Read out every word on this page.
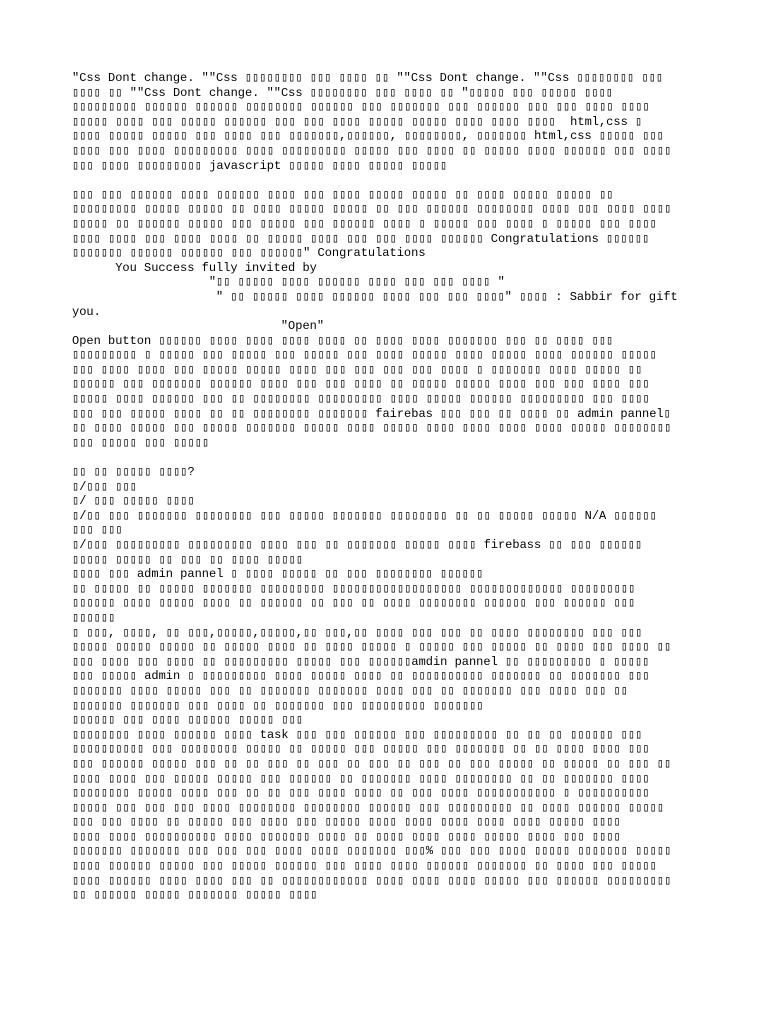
"Css Dont change. ""Css ▯▯▯▯▯▯▯▯ ▯▯▯ ▯▯▯▯ ▯▯ ""Css Dont change. ""Css ▯▯▯▯▯▯▯▯ ▯▯▯
▯▯▯▯ ▯▯ ""Css Dont change. ""Css ▯▯▯▯▯▯▯▯ ▯▯▯ ▯▯▯▯ ▯▯ "▯▯▯▯▯ ▯▯▯ ▯▯▯▯▯ ▯▯▯▯
▯▯▯▯▯▯▯▯▯ ▯▯▯▯▯▯ ▯▯▯▯▯▯ ▯▯▯▯▯▯▯▯ ▯▯▯▯▯▯ ▯▯▯ ▯▯▯▯▯▯▯ ▯▯▯ ▯▯▯▯▯▯ ▯▯▯ ▯▯▯ ▯▯▯▯ ▯▯▯▯
▯▯▯▯▯ ▯▯▯▯ ▯▯▯ ▯▯▯▯▯ ▯▯▯▯▯▯ ▯▯▯ ▯▯▯ ▯▯▯▯ ▯▯▯▯▯ ▯▯▯▯▯ ▯▯▯▯ ▯▯▯▯ ▯▯▯▯  html,css ▯
▯▯▯▯ ▯▯▯▯▯ ▯▯▯▯▯ ▯▯▯ ▯▯▯▯ ▯▯▯ ▯▯▯▯▯▯▯,▯▯▯▯▯▯, ▯▯▯▯▯▯▯▯, ▯▯▯▯▯▯▯ html,css ▯▯▯▯▯ ▯▯▯
▯▯▯▯ ▯▯▯ ▯▯▯▯ ▯▯▯▯▯▯▯▯▯ ▯▯▯▯ ▯▯▯▯▯▯▯▯▯ ▯▯▯▯▯ ▯▯▯ ▯▯▯▯ ▯▯ ▯▯▯▯▯ ▯▯▯▯ ▯▯▯▯▯▯ ▯▯▯ ▯▯▯▯
▯▯▯ ▯▯▯▯ ▯▯▯▯▯▯▯▯▯ javascript ▯▯▯▯▯ ▯▯▯▯ ▯▯▯▯▯ ▯▯▯▯▯

▯▯▯ ▯▯▯ ▯▯▯▯▯▯ ▯▯▯▯ ▯▯▯▯▯▯ ▯▯▯▯ ▯▯▯ ▯▯▯▯ ▯▯▯▯▯ ▯▯▯▯▯ ▯▯ ▯▯▯▯ ▯▯▯▯▯ ▯▯▯▯▯ ▯▯
▯▯▯▯▯▯▯▯▯ ▯▯▯▯▯ ▯▯▯▯▯ ▯▯ ▯▯▯▯ ▯▯▯▯▯ ▯▯▯▯▯ ▯▯ ▯▯▯ ▯▯▯▯▯▯ ▯▯▯▯▯▯▯▯ ▯▯▯▯ ▯▯▯ ▯▯▯▯ ▯▯▯▯
▯▯▯▯▯ ▯▯ ▯▯▯▯▯▯ ▯▯▯▯▯ ▯▯▯ ▯▯▯▯▯ ▯▯▯ ▯▯▯▯▯▯ ▯▯▯▯ ▯ ▯▯▯▯▯ ▯▯▯ ▯▯▯▯ ▯ ▯▯▯▯▯ ▯▯▯ ▯▯▯▯
▯▯▯▯ ▯▯▯▯ ▯▯▯ ▯▯▯▯ ▯▯▯▯ ▯▯ ▯▯▯▯▯ ▯▯▯▯ ▯▯▯ ▯▯▯ ▯▯▯▯ ▯▯▯▯▯▯ Congratulations ▯▯▯▯▯▯
▯▯▯▯▯▯▯ ▯▯▯▯▯▯ ▯▯▯▯▯▯ ▯▯▯ ▯▯▯▯▯▯" Congratulations
You Success fully invited by
"▯▯ ▯▯▯▯▯ ▯▯▯▯ ▯▯▯▯▯▯ ▯▯▯▯ ▯▯▯ ▯▯▯ ▯▯▯▯ "
" ▯▯ ▯▯▯▯▯ ▯▯▯▯ ▯▯▯▯▯▯ ▯▯▯▯ ▯▯▯ ▯▯▯ ▯▯▯▯" ▯▯▯▯ : Sabbir for gift
you.
"Open"
Open button ▯▯▯▯▯▯ ▯▯▯▯ ▯▯▯▯ ▯▯▯▯ ▯▯▯▯ ▯▯ ▯▯▯▯ ▯▯▯▯ ▯▯▯▯▯▯▯ ▯▯▯ ▯▯ ▯▯▯▯ ▯▯▯
▯▯▯▯▯▯▯▯▯ ▯ ▯▯▯▯▯ ▯▯▯ ▯▯▯▯▯ ▯▯▯ ▯▯▯▯▯ ▯▯▯ ▯▯▯▯ ▯▯▯▯▯ ▯▯▯▯ ▯▯▯▯▯ ▯▯▯▯ ▯▯▯▯▯▯ ▯▯▯▯▯
▯▯▯ ▯▯▯▯ ▯▯▯▯ ▯▯▯ ▯▯▯▯▯ ▯▯▯▯▯ ▯▯▯▯ ▯▯▯ ▯▯▯ ▯▯▯ ▯▯▯ ▯▯▯▯ ▯ ▯▯▯▯▯▯▯ ▯▯▯▯ ▯▯▯▯▯ ▯▯
▯▯▯▯▯▯ ▯▯▯ ▯▯▯▯▯▯▯ ▯▯▯▯▯▯ ▯▯▯▯ ▯▯▯ ▯▯▯ ▯▯▯▯ ▯▯ ▯▯▯▯▯ ▯▯▯▯▯ ▯▯▯▯ ▯▯▯ ▯▯▯ ▯▯▯▯ ▯▯▯
▯▯▯▯▯ ▯▯▯▯ ▯▯▯▯▯▯ ▯▯▯ ▯▯ ▯▯▯▯▯▯▯▯ ▯▯▯▯▯▯▯▯▯ ▯▯▯▯ ▯▯▯▯▯ ▯▯▯▯▯▯ ▯▯▯▯▯▯▯▯▯ ▯▯▯ ▯▯▯▯
▯▯▯ ▯▯▯ ▯▯▯▯▯ ▯▯▯▯ ▯▯ ▯▯ ▯▯▯▯▯▯▯▯ ▯▯▯▯▯▯▯ fairebas ▯▯▯ ▯▯▯ ▯▯ ▯▯▯▯ ▯▯ admin pannel▯
▯▯ ▯▯▯▯ ▯▯▯▯▯ ▯▯▯ ▯▯▯▯▯ ▯▯▯▯▯▯▯ ▯▯▯▯▯ ▯▯▯▯ ▯▯▯▯▯ ▯▯▯▯ ▯▯▯▯ ▯▯▯▯ ▯▯▯▯ ▯▯▯▯▯ ▯▯▯▯▯▯▯▯
▯▯▯ ▯▯▯▯▯ ▯▯▯ ▯▯▯▯▯

▯▯ ▯▯ ▯▯▯▯▯ ▯▯▯▯?
▯/▯▯▯ ▯▯▯
▯/ ▯▯▯ ▯▯▯▯▯ ▯▯▯▯
▯/▯▯ ▯▯▯ ▯▯▯▯▯▯▯ ▯▯▯▯▯▯▯▯ ▯▯▯ ▯▯▯▯▯ ▯▯▯▯▯▯▯ ▯▯▯▯▯▯▯▯ ▯▯ ▯▯ ▯▯▯▯▯ ▯▯▯▯▯ N/A ▯▯▯▯▯▯
▯▯▯ ▯▯▯
▯/▯▯▯ ▯▯▯▯▯▯▯▯▯ ▯▯▯▯▯▯▯▯▯ ▯▯▯▯ ▯▯▯ ▯▯ ▯▯▯▯▯▯▯ ▯▯▯▯▯ ▯▯▯▯ firebass ▯▯ ▯▯▯ ▯▯▯▯▯▯
▯▯▯▯▯ ▯▯▯▯▯ ▯▯ ▯▯▯ ▯▯ ▯▯▯▯ ▯▯▯▯▯
▯▯▯▯ ▯▯▯ admin pannel ▯ ▯▯▯▯ ▯▯▯▯▯ ▯▯ ▯▯▯ ▯▯▯▯▯▯▯▯ ▯▯▯▯▯▯
▯▯ ▯▯▯▯▯ ▯▯ ▯▯▯▯▯ ▯▯▯▯▯▯▯ ▯▯▯▯▯▯▯▯▯ ▯▯▯▯▯▯▯▯▯▯▯▯▯▯▯▯▯▯ ▯▯▯▯▯▯▯▯▯▯▯▯▯ ▯▯▯▯▯▯▯▯▯
▯▯▯▯▯▯ ▯▯▯▯ ▯▯▯▯▯ ▯▯▯▯ ▯▯ ▯▯▯▯▯▯ ▯▯ ▯▯▯ ▯▯ ▯▯▯▯ ▯▯▯▯▯▯▯▯ ▯▯▯▯▯▯ ▯▯▯ ▯▯▯▯▯▯ ▯▯▯
▯▯▯▯▯▯
▯ ▯▯▯, ▯▯▯▯, ▯▯ ▯▯▯,▯▯▯▯▯,▯▯▯▯▯,▯▯ ▯▯▯,▯▯ ▯▯▯▯ ▯▯▯ ▯▯▯ ▯▯ ▯▯▯▯ ▯▯▯▯▯▯▯▯ ▯▯▯ ▯▯▯
▯▯▯▯▯ ▯▯▯▯▯ ▯▯▯▯▯ ▯▯ ▯▯▯▯▯ ▯▯▯▯ ▯▯ ▯▯▯▯ ▯▯▯▯▯ ▯ ▯▯▯▯▯ ▯▯▯ ▯▯▯▯▯ ▯▯ ▯▯▯▯ ▯▯▯ ▯▯▯▯ ▯▯
▯▯▯ ▯▯▯▯ ▯▯▯ ▯▯▯▯ ▯▯ ▯▯▯▯▯▯▯▯▯ ▯▯▯▯▯ ▯▯▯ ▯▯▯▯▯▯amdin pannel ▯▯ ▯▯▯▯▯▯▯▯▯ ▯ ▯▯▯▯▯
▯▯▯ ▯▯▯▯▯ admin ▯ ▯▯▯▯▯▯▯▯▯ ▯▯▯▯ ▯▯▯▯▯ ▯▯▯▯ ▯▯ ▯▯▯▯▯▯▯▯▯▯ ▯▯▯▯▯▯▯ ▯▯ ▯▯▯▯▯▯▯ ▯▯▯
▯▯▯▯▯▯▯ ▯▯▯▯ ▯▯▯▯▯ ▯▯▯ ▯▯ ▯▯▯▯▯▯▯ ▯▯▯▯▯▯▯ ▯▯▯▯ ▯▯▯ ▯▯ ▯▯▯▯▯▯▯ ▯▯▯ ▯▯▯▯ ▯▯▯ ▯▯
▯▯▯▯▯▯▯ ▯▯▯▯▯▯▯ ▯▯▯ ▯▯▯▯ ▯▯ ▯▯▯▯▯▯▯ ▯▯▯ ▯▯▯▯▯▯▯▯▯ ▯▯▯▯▯▯▯
▯▯▯▯▯▯ ▯▯▯ ▯▯▯▯ ▯▯▯▯▯▯ ▯▯▯▯▯ ▯▯▯
▯▯▯▯▯▯▯▯ ▯▯▯▯ ▯▯▯▯▯▯ ▯▯▯▯ task ▯▯▯ ▯▯▯ ▯▯▯▯▯▯ ▯▯▯ ▯▯▯▯▯▯▯▯▯ ▯▯ ▯▯ ▯▯ ▯▯▯▯▯▯ ▯▯▯
▯▯▯▯▯▯▯▯▯▯ ▯▯▯ ▯▯▯▯▯▯▯▯ ▯▯▯▯▯ ▯▯ ▯▯▯▯▯ ▯▯▯ ▯▯▯▯▯ ▯▯▯ ▯▯▯▯▯▯▯ ▯▯ ▯▯ ▯▯▯▯ ▯▯▯▯ ▯▯▯
▯▯▯ ▯▯▯▯▯▯ ▯▯▯▯▯ ▯▯▯ ▯▯ ▯▯ ▯▯▯ ▯▯ ▯▯▯ ▯▯ ▯▯▯ ▯▯ ▯▯▯ ▯▯ ▯▯▯ ▯▯▯▯▯ ▯▯ ▯▯▯▯▯ ▯▯ ▯▯▯ ▯▯
▯▯▯▯ ▯▯▯▯ ▯▯▯ ▯▯▯▯▯ ▯▯▯▯▯ ▯▯▯ ▯▯▯▯▯▯ ▯▯ ▯▯▯▯▯▯▯ ▯▯▯▯ ▯▯▯▯▯▯▯▯ ▯▯ ▯▯ ▯▯▯▯▯▯▯ ▯▯▯▯
▯▯▯▯▯▯▯▯ ▯▯▯▯▯ ▯▯▯▯ ▯▯▯ ▯▯ ▯▯ ▯▯▯ ▯▯▯▯ ▯▯▯▯ ▯▯ ▯▯▯ ▯▯▯▯ ▯▯▯▯▯▯▯▯▯▯▯ ▯ ▯▯▯▯▯▯▯▯▯▯
▯▯▯▯▯ ▯▯▯ ▯▯▯ ▯▯▯ ▯▯▯▯ ▯▯▯▯▯▯▯▯ ▯▯▯▯▯▯▯▯ ▯▯▯▯▯▯ ▯▯▯ ▯▯▯▯▯▯▯▯▯ ▯▯ ▯▯▯▯ ▯▯▯▯▯▯ ▯▯▯▯▯
▯▯▯ ▯▯▯ ▯▯▯▯ ▯▯ ▯▯▯▯▯ ▯▯▯ ▯▯▯▯ ▯▯▯ ▯▯▯▯▯ ▯▯▯▯ ▯▯▯▯ ▯▯▯▯ ▯▯▯▯ ▯▯▯▯ ▯▯▯▯▯ ▯▯▯▯
▯▯▯▯ ▯▯▯▯ ▯▯▯▯▯▯▯▯▯▯ ▯▯▯▯ ▯▯▯▯▯▯▯ ▯▯▯▯ ▯▯ ▯▯▯▯ ▯▯▯▯ ▯▯▯▯ ▯▯▯▯▯ ▯▯▯▯ ▯▯▯ ▯▯▯▯
▯▯▯▯▯▯▯ ▯▯▯▯▯▯▯ ▯▯▯ ▯▯▯ ▯▯▯ ▯▯▯▯ ▯▯▯▯ ▯▯▯▯▯▯▯ ▯▯▯% ▯▯▯ ▯▯▯ ▯▯▯▯ ▯▯▯▯▯ ▯▯▯▯▯▯▯ ▯▯▯▯▯
▯▯▯▯ ▯▯▯▯▯▯ ▯▯▯▯▯ ▯▯▯ ▯▯▯▯▯ ▯▯▯▯▯▯ ▯▯▯ ▯▯▯▯ ▯▯▯▯ ▯▯▯▯▯▯ ▯▯▯▯▯▯▯ ▯▯ ▯▯▯▯ ▯▯▯ ▯▯▯▯▯
▯▯▯▯ ▯▯▯▯▯▯ ▯▯▯▯ ▯▯▯▯ ▯▯▯ ▯▯ ▯▯▯▯▯▯▯▯▯▯▯▯ ▯▯▯▯ ▯▯▯▯ ▯▯▯▯ ▯▯▯▯▯ ▯▯▯ ▯▯▯▯▯▯ ▯▯▯▯▯▯▯▯▯
▯▯ ▯▯▯▯▯▯ ▯▯▯▯▯ ▯▯▯▯▯▯▯ ▯▯▯▯▯ ▯▯▯▯
